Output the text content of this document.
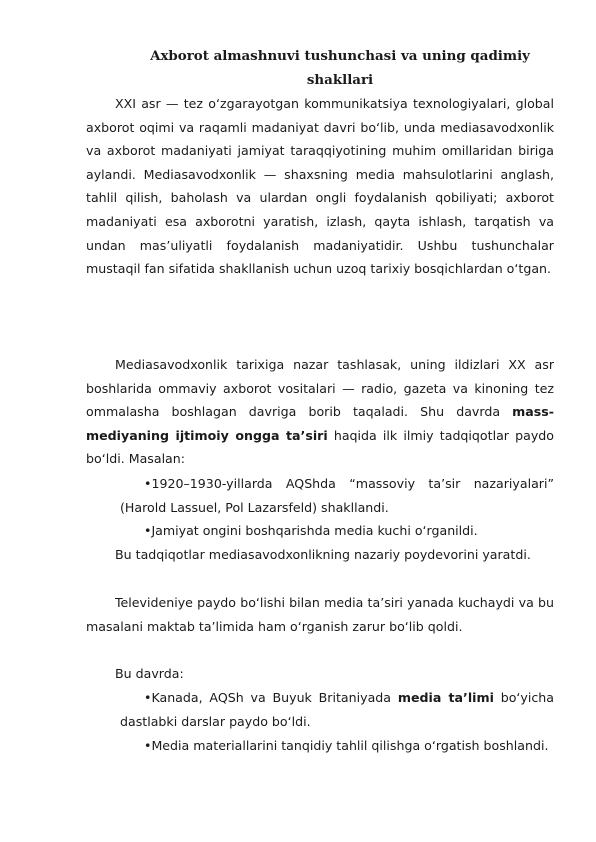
Axborot almashnuvi tushunchasi va uning qadimiy
shakllari

XXI asr — tez o‘zgarayotgan kommunikatsiya texnologiyalari, global axborot oqimi va raqamli madaniyat davri bo‘lib, unda mediasavodxonlik va axborot madaniyati jamiyat taraqqiyotining muhim omillaridan biriga aylandi. Mediasavodxonlik — shaxsning media mahsulotlarini anglash, tahlil qilish, baholash va ulardan ongli foydalanish qobiliyati; axborot madaniyati esa axborotni yaratish, izlash, qayta ishlash, tarqatish va undan mas’uliyatli foydalanish madaniyatidir. Ushbu tushunchalar mustaqil fan sifatida shakllanish uchun uzoq tarixiy bosqichlardan o‘tgan.

Mediasavodxonlik tarixiga nazar tashlasak, uning ildizlari XX asr boshlarida ommaviy axborot vositalari — radio, gazeta va kinoning tez ommalasha boshlagan davriga borib taqaladi. Shu davrda mass-mediyaning ijtimoiy ongga ta’siri haqida ilk ilmiy tadqiqotlar paydo bo‘ldi. Masalan:

•1920–1930-yillarda AQShda “massoviy ta’sir nazariyalari” (Harold Lassuel, Pol Lazarsfeld) shakllandi.
•Jamiyat ongini boshqarishda media kuchi o‘rganildi.

Bu tadqiqotlar mediasavodxonlikning nazariy poydevorini yaratdi.

Televideniye paydo bo‘lishi bilan media ta’siri yanada kuchaydi va bu masalani maktab ta’limida ham o‘rganish zarur bo‘lib qoldi.

Bu davrda:

•Kanada, AQSh va Buyuk Britaniyada media ta’limi bo‘yicha dastlabki darslar paydo bo‘ldi.
•Media materiallarini tanqidiy tahlil qilishga o‘rgatish boshlandi.
